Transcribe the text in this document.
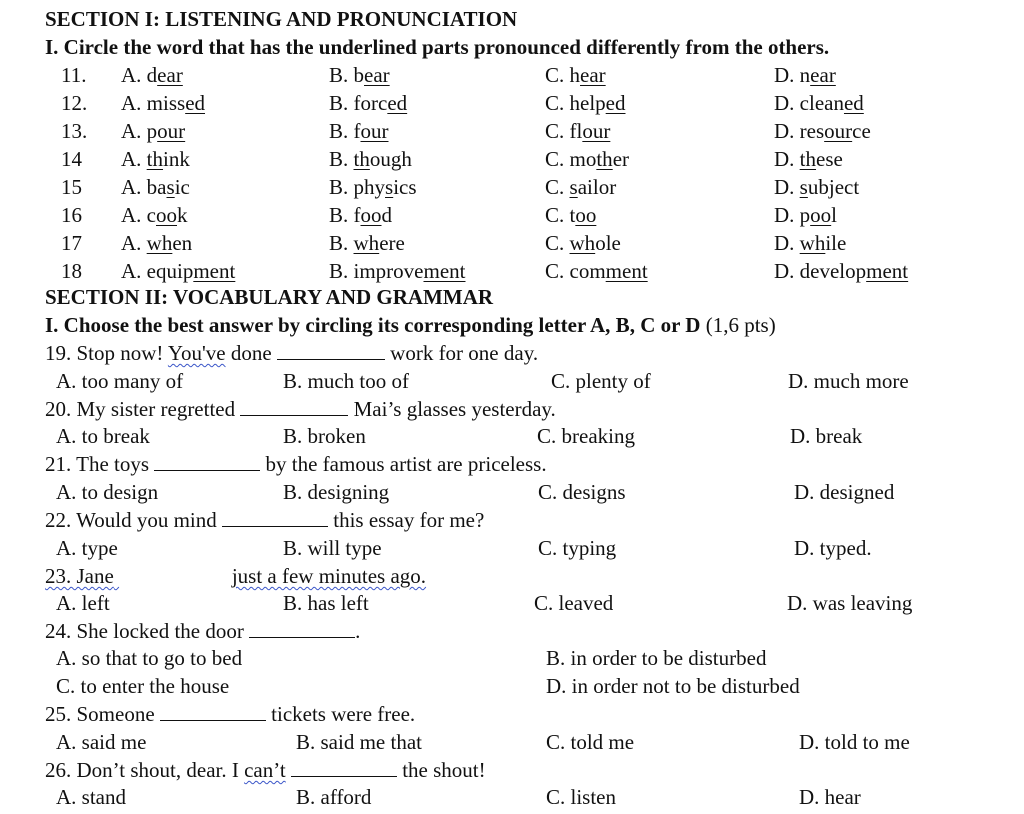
SECTION I: LISTENING AND PRONUNCIATION
I. Circle the word that has the underlined parts pronounced differently from the others.
11. A. dear	B. bear	C. hear	D. near
12. A. missed	B. forced	C. helped	D. cleaned
13. A. pour	B. four	C. flour	D. resource
14 A. think	B. though	C. mother	D. these
15 A. basic	B. physics	C. sailor	D. subject
16 A. cook	B. food	C. too	D. pool
17 A. when	B. where	C. whole	D. while
18 A. equipment	B. improvement	C. comment	D. development
SECTION II: VOCABULARY AND GRAMMAR
I. Choose the best answer by circling its corresponding letter A, B, C or D (1,6 pts)
19. Stop now! You've done	work for one day.
A. too many of	B. much too of	C. plenty of	D. much more
20. My sister regretted	Mai’s glasses yesterday.
A. to break	B. broken	C. breaking	D. break
21. The toys	by the famous artist are priceless.
A. to design	B. designing	C. designs	D. designed
22. Would you mind	this essay for me?
A. type	B. will type	C. typing	D. typed.
23. Jane	just a few minutes ago.
A. left	B. has left	C. leaved	D. was leaving
24. She locked the door	.
A. so that to go to bed	B. in order to be disturbed
C. to enter the house	D. in order not to be disturbed
25. Someone	tickets were free.
A. said me	B. said me that	C. told me	D. told to me
26. Don’t shout, dear. I can’t	the shout!
A. stand	B. afford	C. listen	D. hear
